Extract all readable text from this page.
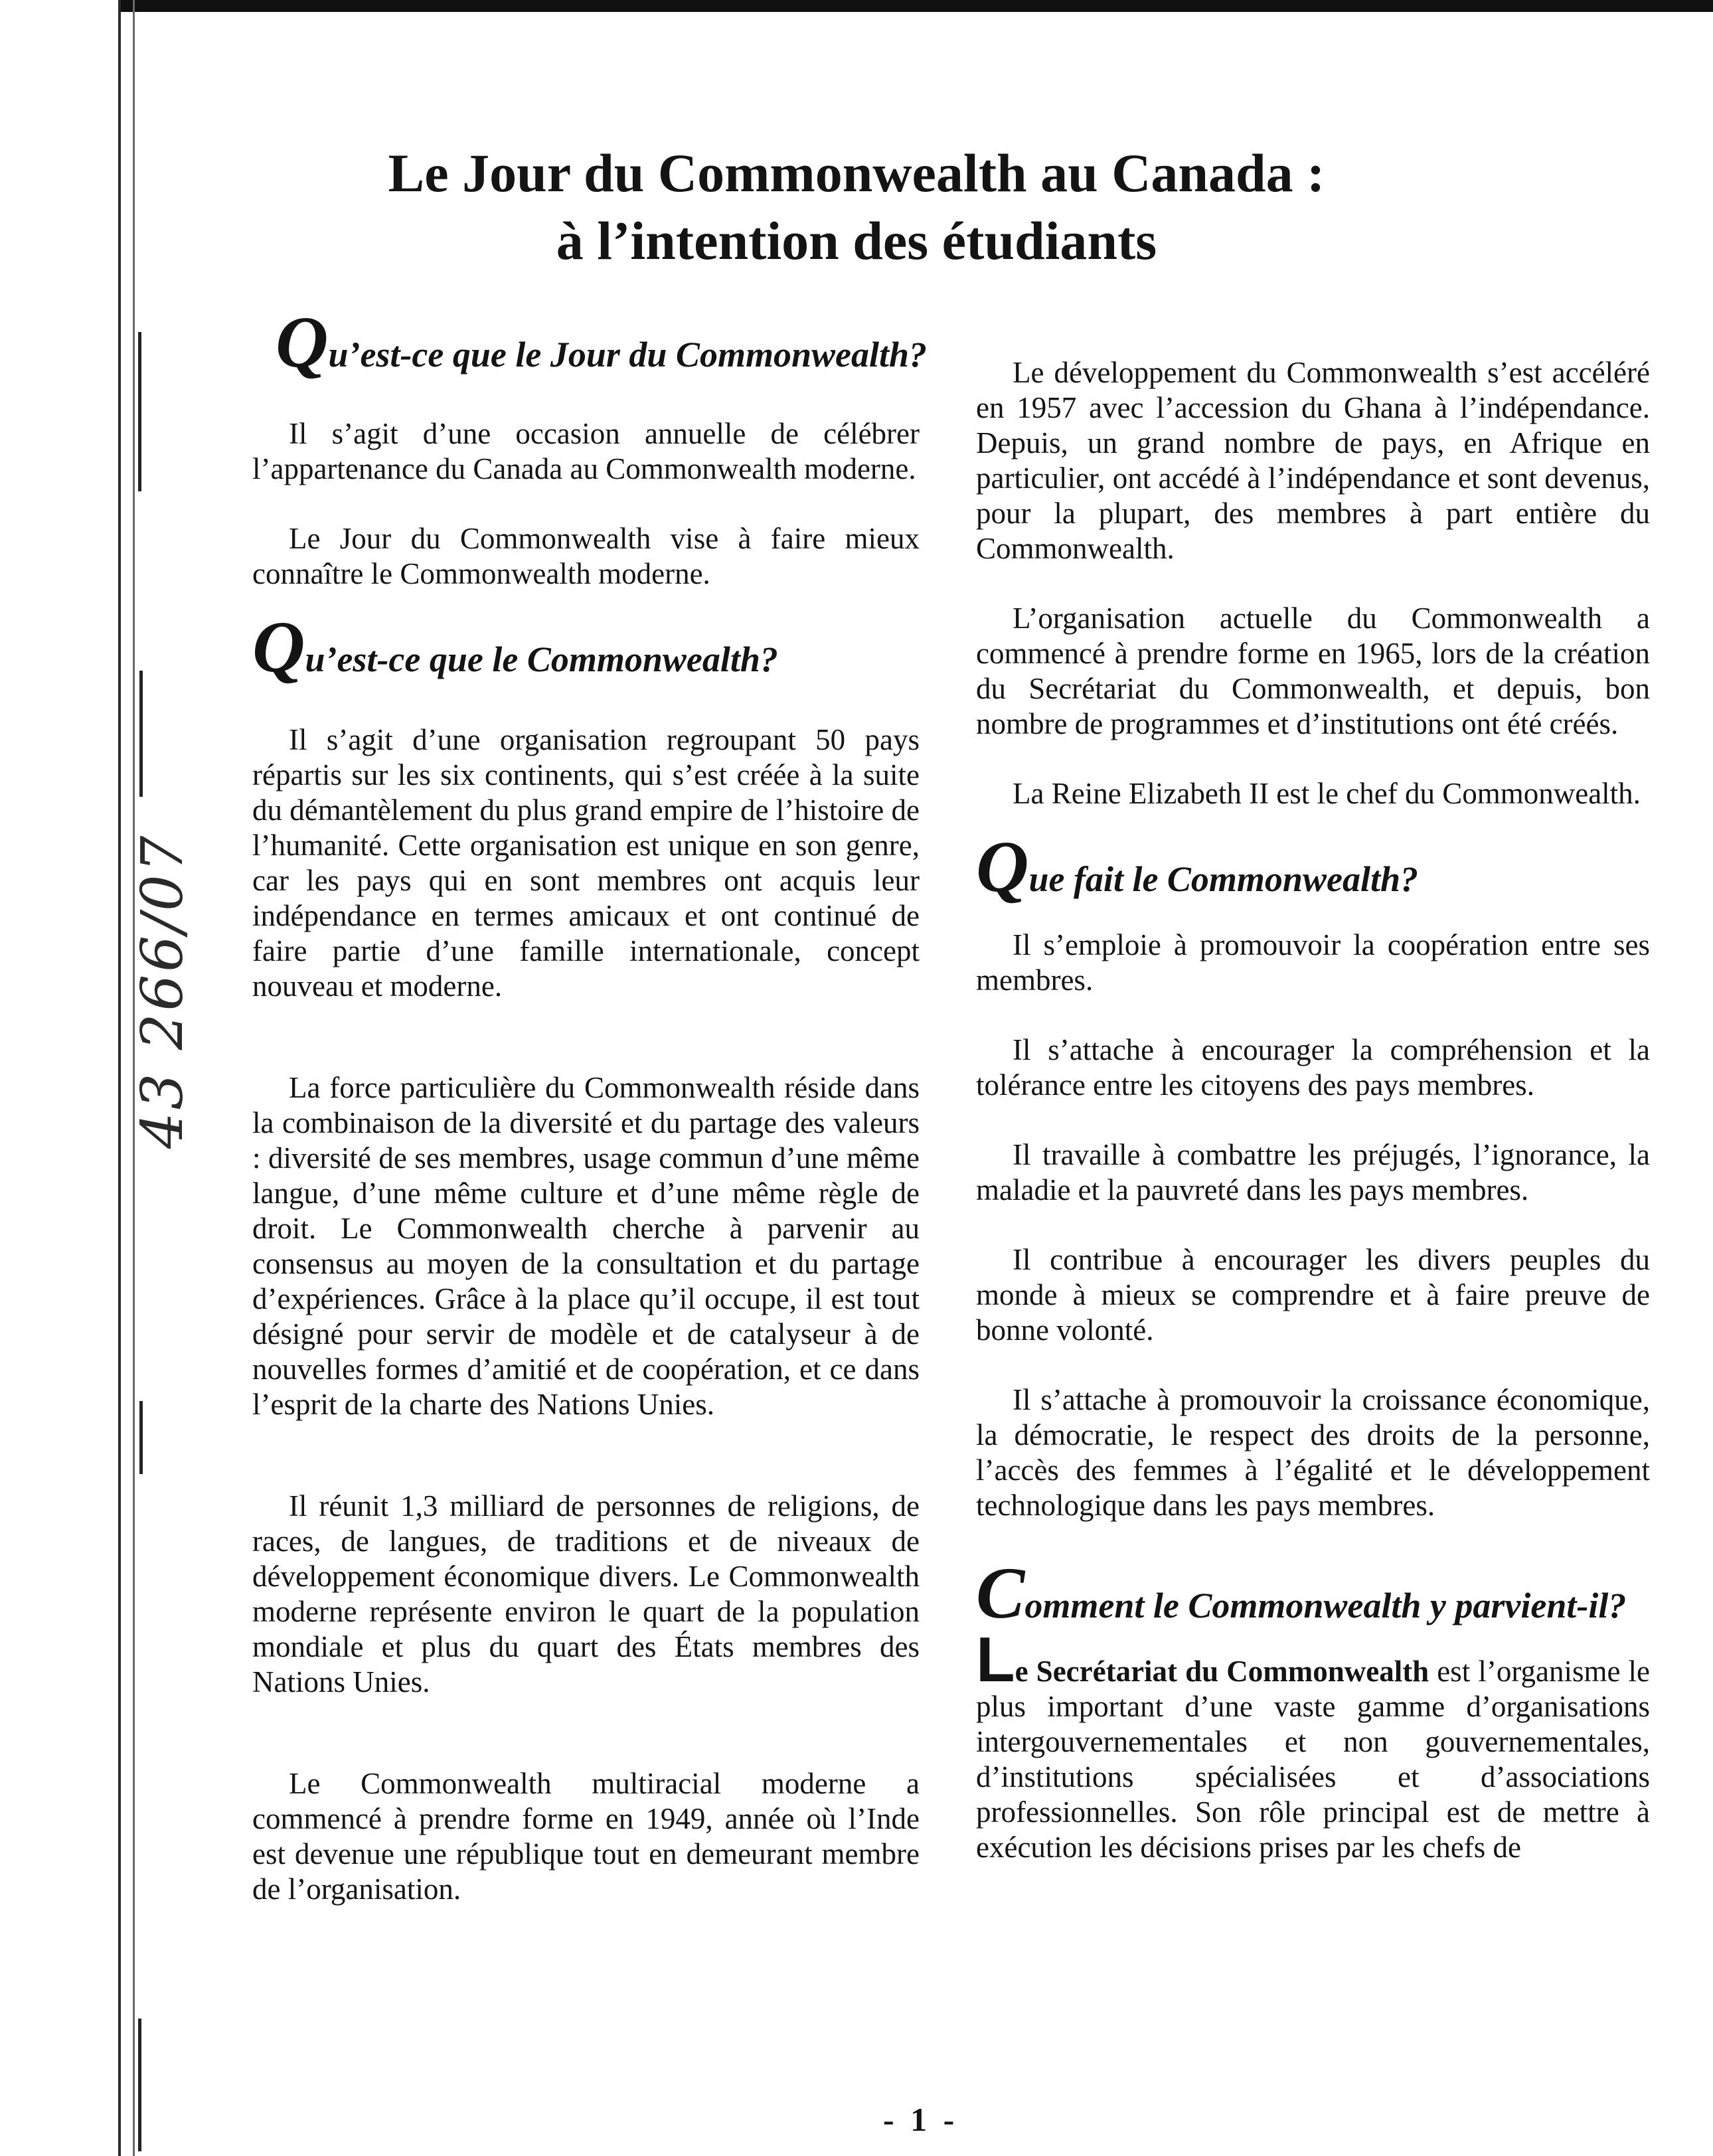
43 266/07
Le Jour du Commonwealth au Canada :
à l’intention des étudiants
Qu’est-ce que le Jour du Commonwealth?

Il s’agit d’une occasion annuelle de célébrer l’appartenance du Canada au Commonwealth moderne.

Le Jour du Commonwealth vise à faire mieux connaître le Commonwealth moderne.

Qu’est-ce que le Commonwealth?

Il s’agit d’une organisation regroupant 50 pays répartis sur les six continents, qui s’est créée à la suite du démantèlement du plus grand empire de l’histoire de l’humanité. Cette organisation est unique en son genre, car les pays qui en sont membres ont acquis leur indépendance en termes amicaux et ont continué de faire partie d’une famille internationale, concept nouveau et moderne.

La force particulière du Commonwealth réside dans la combinaison de la diversité et du partage des valeurs : diversité de ses membres, usage commun d’une même langue, d’une même culture et d’une même règle de droit. Le Commonwealth cherche à parvenir au consensus au moyen de la consultation et du partage d’expériences. Grâce à la place qu’il occupe, il est tout désigné pour servir de modèle et de catalyseur à de nouvelles formes d’amitié et de coopération, et ce dans l’esprit de la charte des Nations Unies.

Il réunit 1,3 milliard de personnes de religions, de races, de langues, de traditions et de niveaux de développement économique divers. Le Commonwealth moderne représente environ le quart de la population mondiale et plus du quart des États membres des Nations Unies.

Le Commonwealth multiracial moderne a commencé à prendre forme en 1949, année où l’Inde est devenue une république tout en demeurant membre de l’organisation.

Le développement du Commonwealth s’est accéléré en 1957 avec l’accession du Ghana à l’indépendance. Depuis, un grand nombre de pays, en Afrique en particulier, ont accédé à l’indépendance et sont devenus, pour la plupart, des membres à part entière du Commonwealth.

L’organisation actuelle du Commonwealth a commencé à prendre forme en 1965, lors de la création du Secrétariat du Commonwealth, et depuis, bon nombre de programmes et d’institutions ont été créés.

La Reine Elizabeth II est le chef du Commonwealth.

Que fait le Commonwealth?

Il s’emploie à promouvoir la coopération entre ses membres.

Il s’attache à encourager la compréhension et la tolérance entre les citoyens des pays membres.

Il travaille à combattre les préjugés, l’ignorance, la maladie et la pauvreté dans les pays membres.

Il contribue à encourager les divers peuples du monde à mieux se comprendre et à faire preuve de bonne volonté.

Il s’attache à promouvoir la croissance économique, la démocratie, le respect des droits de la personne, l’accès des femmes à l’égalité et le développement technologique dans les pays membres.

Comment le Commonwealth y parvient-il?

Le Secrétariat du Commonwealth est l’organisme le plus important d’une vaste gamme d’organisations intergouvernementales et non gouvernementales, d’institutions spécialisées et d’associations professionnelles. Son rôle principal est de mettre à exécution les décisions prises par les chefs de

- 1 -
